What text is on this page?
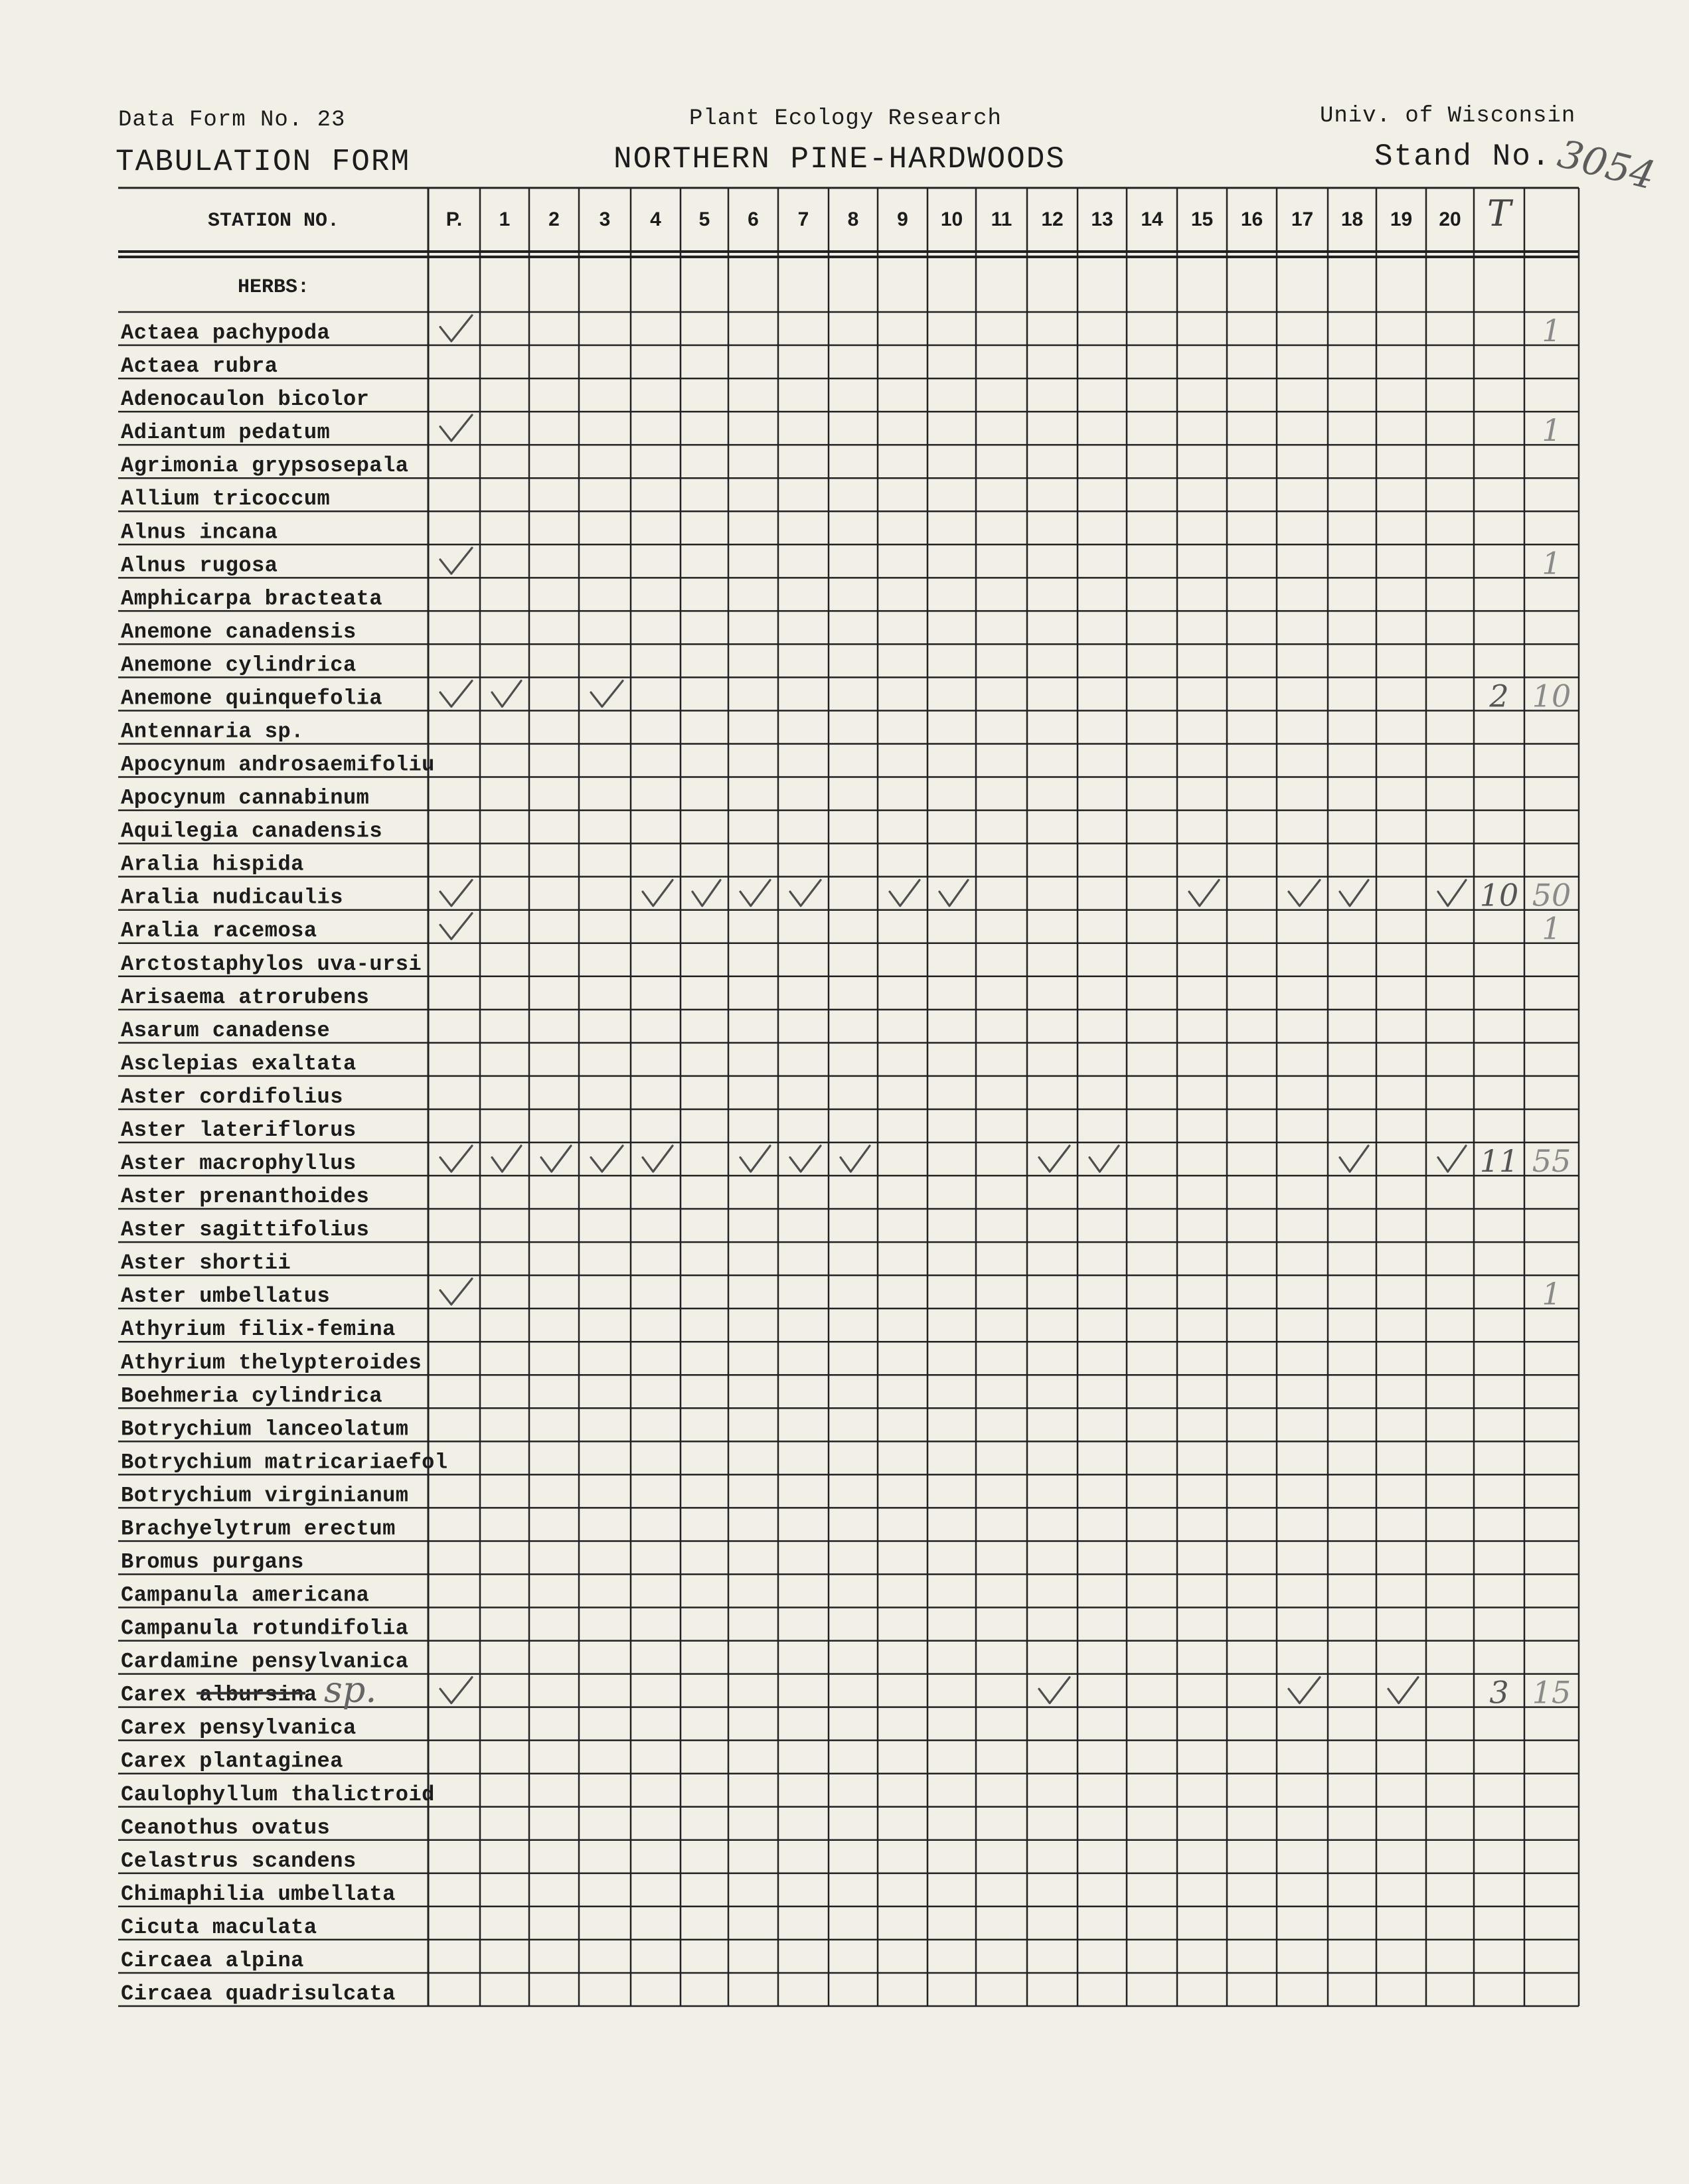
Data Form No. 23
TABULATION FORM
Plant Ecology Research
NORTHERN PINE-HARDWOODS
Univ. of Wisconsin
Stand No. 3054
STATION NO.	P. 1 2 3 4 5 6 7 8 9 10 11 12 13 14 15 16 17 18 19 20 T
HERBS:
Actaea pachypoda
Actaea rubra
Adenocaulon bicolor
Adiantum pedatum
Agrimonia grypsosepala
Allium tricoccum
Alnus incana
Alnus rugosa
Amphicarpa bracteata
Anemone canadensis
Anemone cylindrica
Anemone quinquefolia
Antennaria sp.
Apocynum androsaemifoliu
Apocynum cannabinum
Aquilegia canadensis
Aralia hispida
Aralia nudicaulis
Aralia racemosa
Arctostaphylos uva-ursi
Arisaema atrorubens
Asarum canadense
Asclepias exaltata
Aster cordifolius
Aster lateriflorus
Aster macrophyllus
Aster prenanthoides
Aster sagittifolius
Aster shortii
Aster umbellatus
Athyrium filix-femina
Athyrium thelypteroides
Boehmeria cylindrica
Botrychium lanceolatum
Botrychium matricariaefol
Botrychium virginianum
Brachyelytrum erectum
Bromus purgans
Campanula americana
Campanula rotundifolia
Cardamine pensylvanica
Carex albursina sp.
Carex pensylvanica
Carex plantaginea
Caulophyllum thalictroid
Ceanothus ovatus
Celastrus scandens
Chimaphilia umbellata
Cicuta maculata
Circaea alpina
Circaea quadrisulcata
1
1
1
2 10
10 50
1
11 55
1
3 15
